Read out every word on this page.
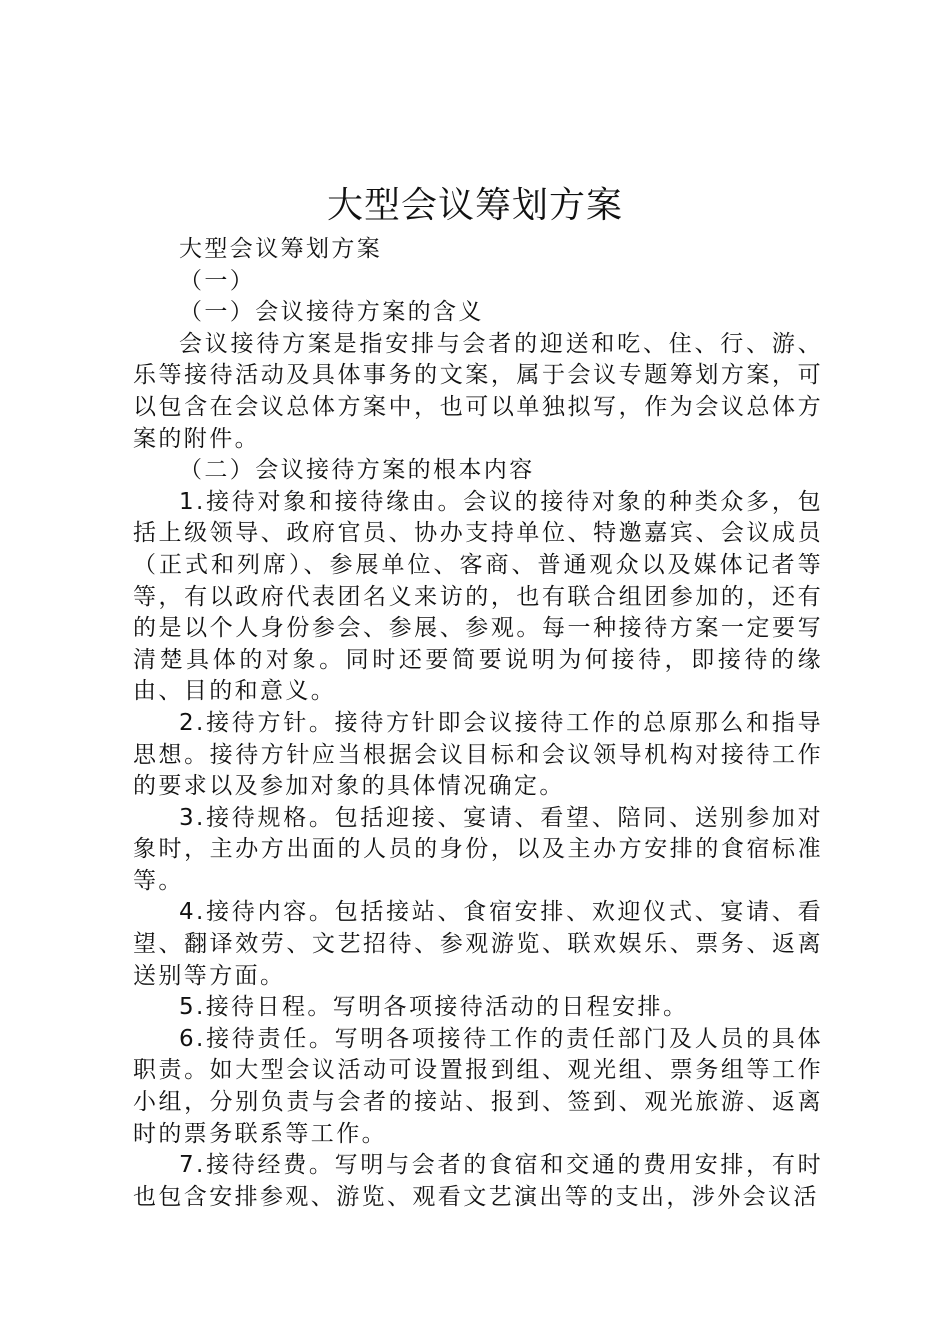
大型会议筹划方案

大型会议筹划方案

（一）

（一）会议接待方案的含义

会议接待方案是指安排与会者的迎送和吃、住、行、游、乐等接待活动及具体事务的文案，属于会议专题筹划方案，可以包含在会议总体方案中，也可以单独拟写，作为会议总体方案的附件。

（二）会议接待方案的根本内容

1.接待对象和接待缘由。会议的接待对象的种类众多，包括上级领导、政府官员、协办支持单位、特邀嘉宾、会议成员（正式和列席）、参展单位、客商、普通观众以及媒体记者等等，有以政府代表团名义来访的，也有联合组团参加的，还有的是以个人身份参会、参展、参观。每一种接待方案一定要写清楚具体的对象。同时还要简要说明为何接待，即接待的缘由、目的和意义。

2.接待方针。接待方针即会议接待工作的总原那么和指导思想。接待方针应当根据会议目标和会议领导机构对接待工作的要求以及参加对象的具体情况确定。

3.接待规格。包括迎接、宴请、看望、陪同、送别参加对象时，主办方出面的人员的身份，以及主办方安排的食宿标准等。

4.接待内容。包括接站、食宿安排、欢迎仪式、宴请、看望、翻译效劳、文艺招待、参观游览、联欢娱乐、票务、返离送别等方面。

5.接待日程。写明各项接待活动的日程安排。

6.接待责任。写明各项接待工作的责任部门及人员的具体职责。如大型会议活动可设置报到组、观光组、票务组等工作小组，分别负责与会者的接站、报到、签到、观光旅游、返离时的票务联系等工作。

7.接待经费。写明与会者的食宿和交通的费用安排，有时也包含安排参观、游览、观看文艺演出等的支出，涉外会议活
